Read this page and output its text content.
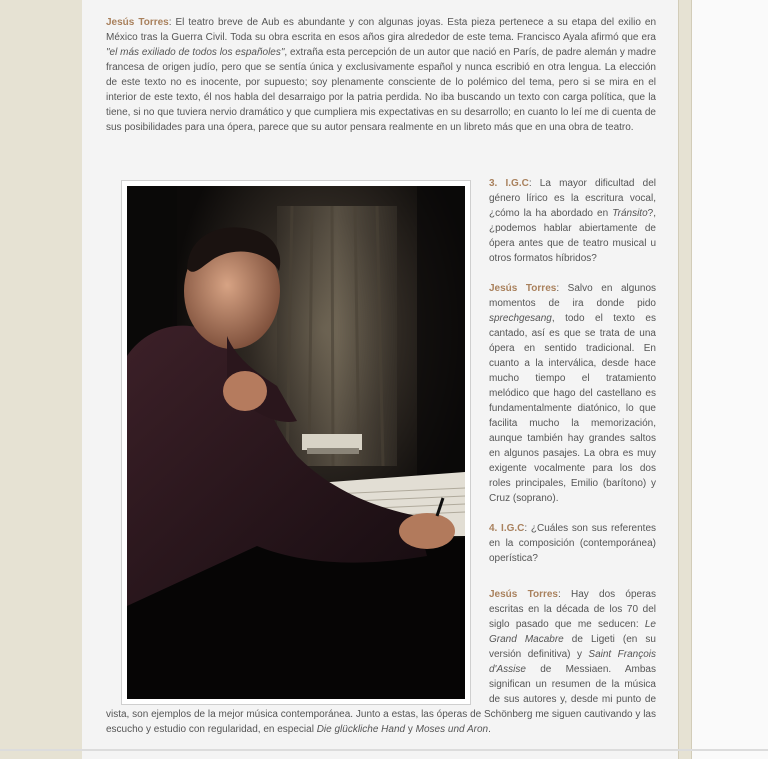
Jesús Torres: El teatro breve de Aub es abundante y con algunas joyas. Esta pieza pertenece a su etapa del exilio en México tras la Guerra Civil. Toda su obra escrita en esos años gira alrededor de este tema. Francisco Ayala afirmó que era "el más exiliado de todos los españoles", extraña esta percepción de un autor que nació en París, de padre alemán y madre francesa de origen judío, pero que se sentía única y exclusivamente español y nunca escribió en otra lengua. La elección de este texto no es inocente, por supuesto; soy plenamente consciente de lo polémico del tema, pero si se mira en el interior de este texto, él nos habla del desarraigo por la patria perdida. No iba buscando un texto con carga política, que la tiene, si no que tuviera nervio dramático y que cumpliera mis expectativas en su desarrollo; en cuanto lo leí me di cuenta de sus posibilidades para una ópera, parece que su autor pensara realmente en un libreto más que en una obra de teatro.

3. I.G.C: La mayor dificultad del género lírico es la escritura vocal, ¿cómo la ha abordado en Tránsito?, ¿podemos hablar abiertamente de ópera antes que de teatro musical u otros formatos híbridos?

Jesús Torres: Salvo en algunos momentos de ira donde pido sprechgesang, todo el texto es cantado, así es que se trata de una ópera en sentido tradicional. En cuanto a la interválica, desde hace mucho tiempo el tratamiento melódico que hago del castellano es fundamentalmente diatónico, lo que facilita mucho la memorización, aunque también hay grandes saltos en algunos pasajes. La obra es muy exigente vocalmente para los dos roles principales, Emilio (barítono) y Cruz (soprano).

4. I.G.C: ¿Cuáles son sus referentes en la composición (contemporánea) operística?

Jesús Torres: Hay dos óperas escritas en la década de los 70 del siglo pasado que me seducen: Le Grand Macabre de Ligeti (en su versión definitiva) y Saint François d'Assise de Messiaen. Ambas significan un resumen de la música de sus autores y, desde mi punto de vista, son ejemplos de la mejor música contemporánea. Junto a estas, las óperas de Schönberg me siguen cautivando y las escucho y estudio con regularidad, en especial Die glückliche Hand y Moses und Aron.
